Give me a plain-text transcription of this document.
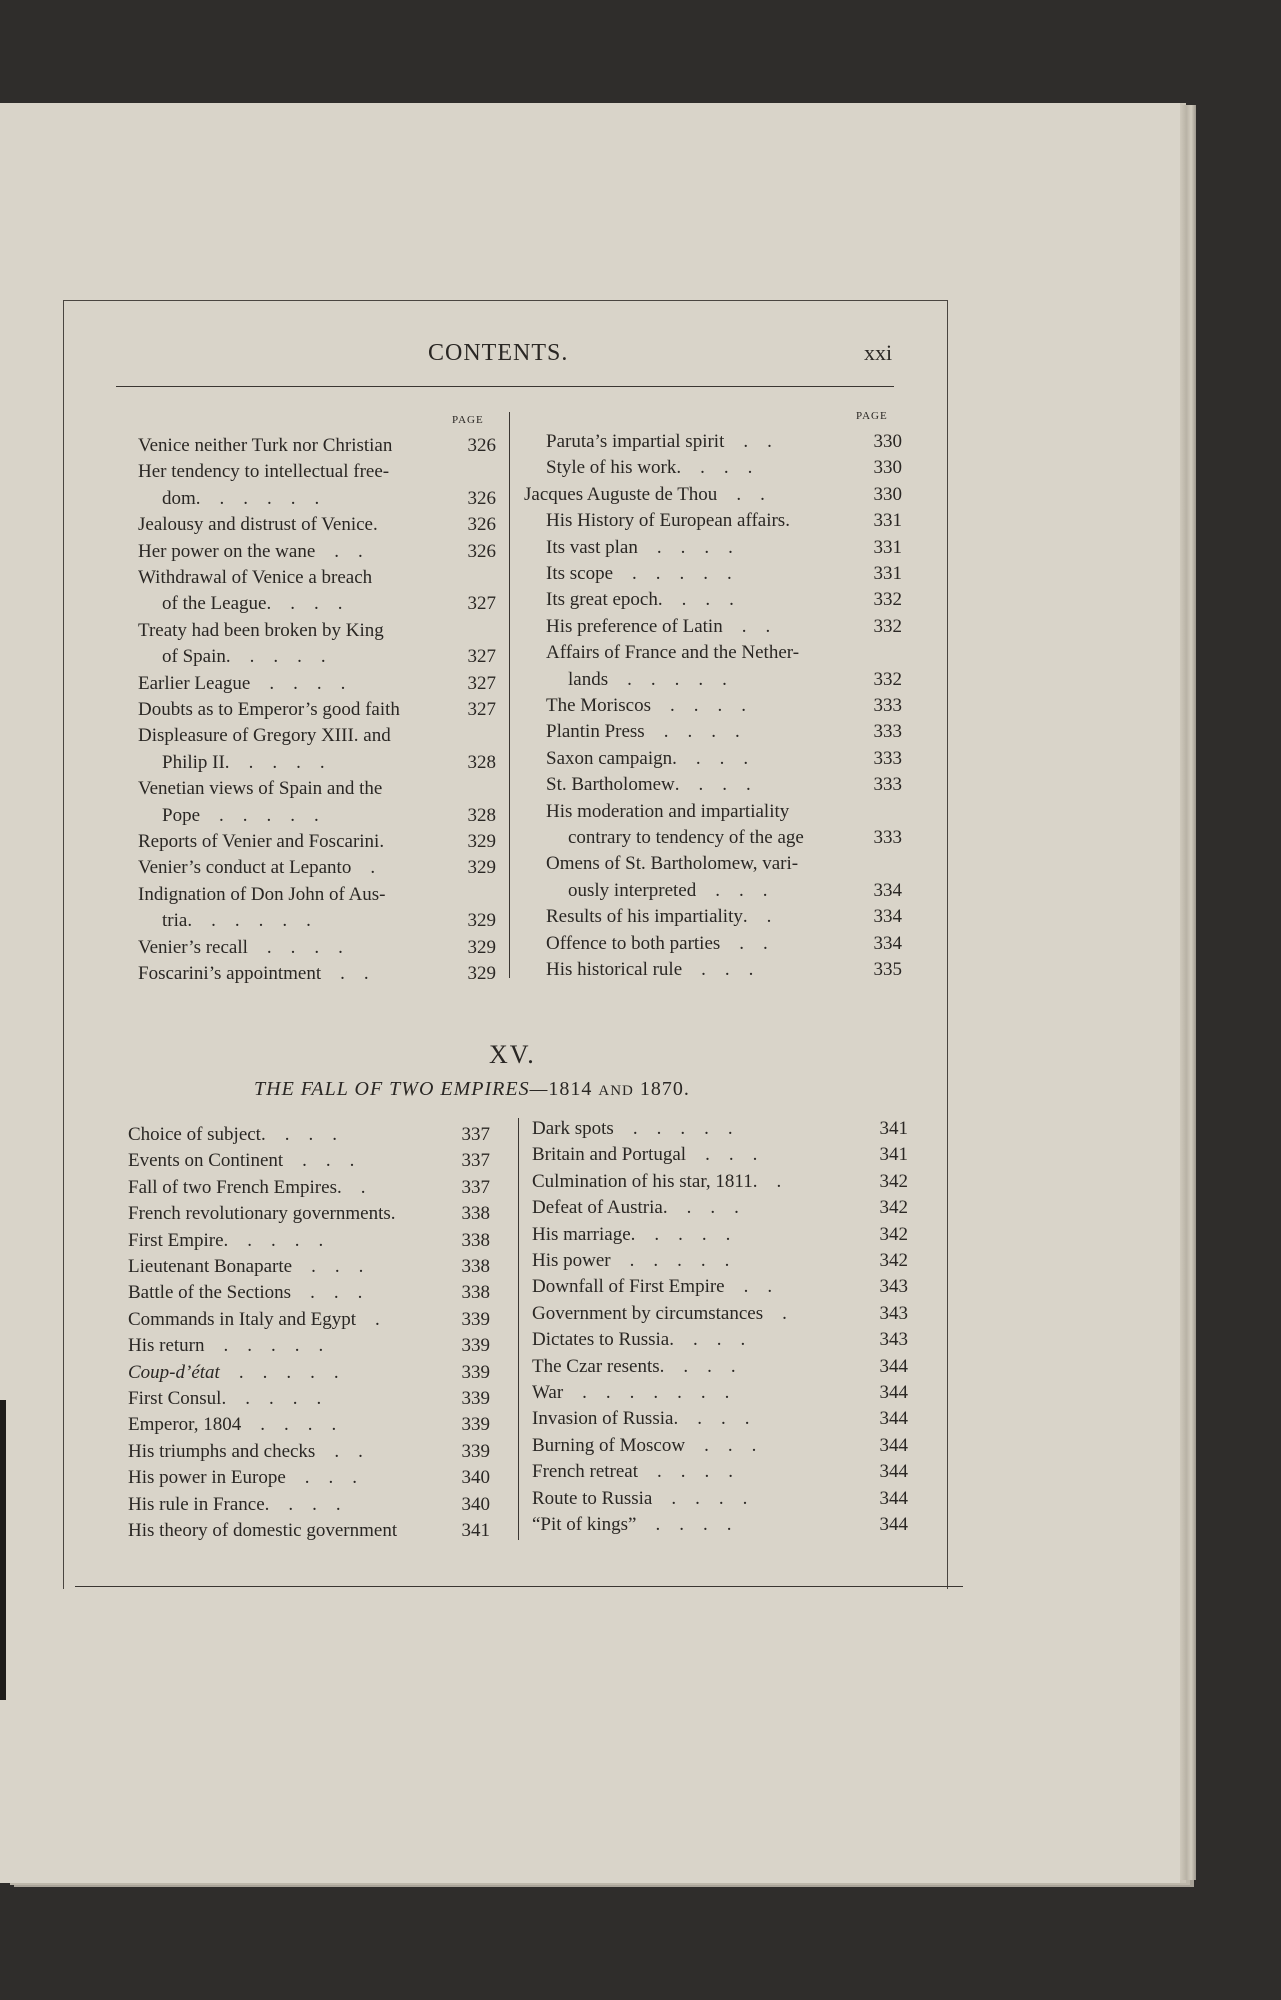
CONTENTS.	xxi
PAGE	PAGE
Venice neither Turk nor Christian	326
Her tendency to intellectual free-
dom . . . . . .	326
Jealousy and distrust of Venice .	326
Her power on the wane  . .	326
Withdrawal of Venice a breach
of the League . . . .	327
Treaty had been broken by King
of Spain . . . . .	327
Earlier League  . . . .	327
Doubts as to Emperor’s good faith	327
Displeasure of Gregory XIII. and
Philip II.  . . . .	328
Venetian views of Spain and the
Pope  . . . . .	328
Reports of Venier and Foscarini .	329
Venier’s conduct at Lepanto  .	329
Indignation of Don John of Aus-
tria . . . . . .	329
Venier’s recall  . . . .	329
Foscarini’s appointment  . .	329
Paruta’s impartial spirit  . .	330
Style of his work . . . .	330
Jacques Auguste de Thou  . .	330
His History of European affairs .	331
Its vast plan  . . . .	331
Its scope  . . . . .	331
Its great epoch . . . .	332
His preference of Latin  . .	332
Affairs of France and the Nether-
lands  . . . . .	332
The Moriscos  . . . .	333
Plantin Press  . . . .	333
Saxon campaign . . . .	333
St. Bartholomew . . . .	333
His moderation and impartiality
contrary to tendency of the age	333
Omens of St. Bartholomew, vari-
ously interpreted  . . .	334
Results of his impartiality . .	334
Offence to both parties  . .	334
His historical rule  . . .	335
XV.
THE FALL OF TWO EMPIRES—1814 AND 1870.
Choice of subject . . . .	337
Events on Continent  . . .	337
Fall of two French Empires . .	337
French revolutionary governments .	338
First Empire . . . . .	338
Lieutenant Bonaparte  . . .	338
Battle of the Sections  . . .	338
Commands in Italy and Egypt  .	339
His return  . . . . .	339
Coup-d’état  . . . . .	339
First Consul . . . . .	339
Emperor, 1804  . . . .	339
His triumphs and checks  . .	339
His power in Europe  . . .	340
His rule in France . . . .	340
His theory of domestic government	341
Dark spots  . . . . .	341
Britain and Portugal  . . .	341
Culmination of his star, 1811 . .	342
Defeat of Austria . . . .	342
His marriage . . . . .	342
His power  . . . . .	342
Downfall of First Empire  . .	343
Government by circumstances  .	343
Dictates to Russia . . . .	343
The Czar resents . . . .	344
War  . . . . . . .	344
Invasion of Russia . . . .	344
Burning of Moscow  . . .	344
French retreat  . . . .	344
Route to Russia  . . . .	344
“Pit of kings”  . . . .	344
